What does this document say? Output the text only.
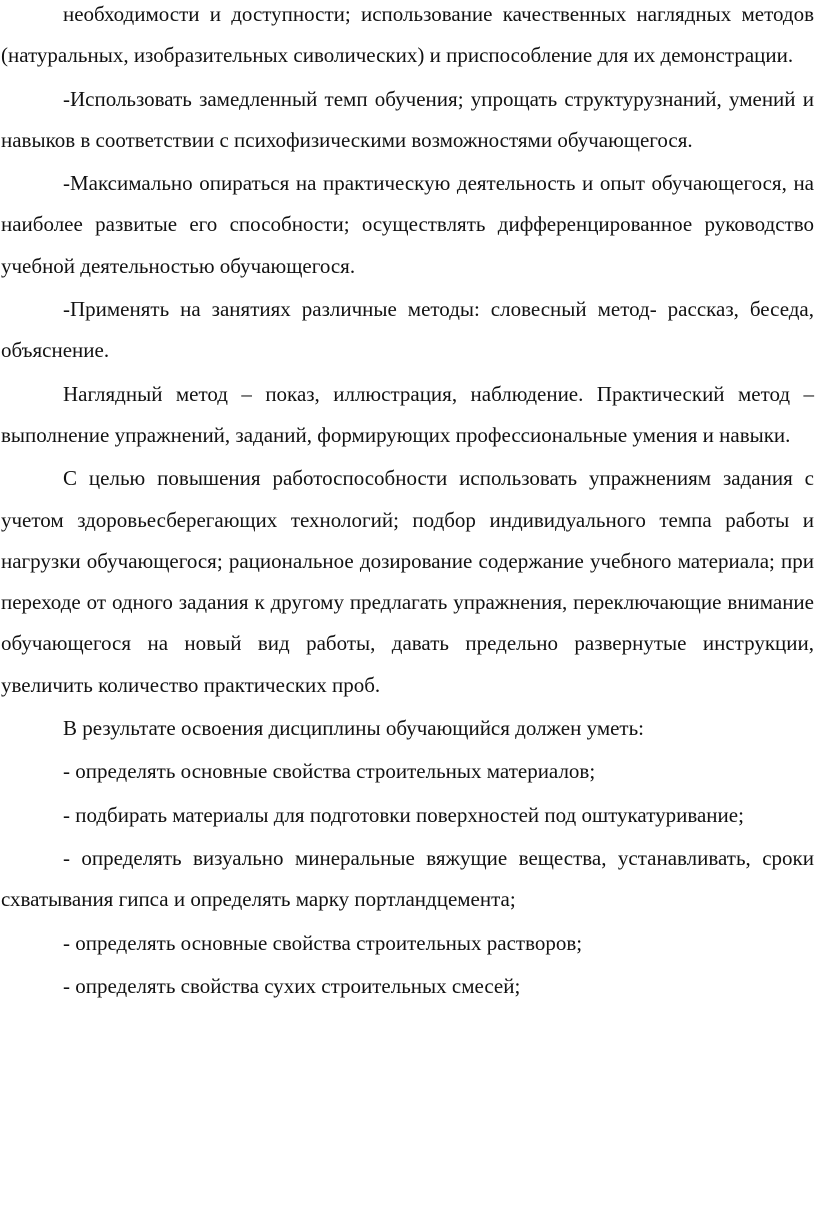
необходимости и доступности; использование качественных наглядных методов (натуральных, изобразительных сиволических) и приспособление для их демонстрации.

-Использовать замедленный темп обучения; упрощать структурузнаний, умений и навыков в соответствии с психофизическими возможностями обучающегося.

-Максимально опираться на практическую деятельность и опыт обучающегося, на наиболее развитые его способности; осуществлять дифференцированное руководство учебной деятельностью обучающегося.

-Применять на занятиях различные методы: словесный метод- рассказ, беседа, объяснение.

Наглядный метод – показ, иллюстрация, наблюдение. Практический метод – выполнение упражнений, заданий, формирующих профессиональные умения и навыки.

С целью повышения работоспособности использовать упражнениям задания с учетом здоровьесберегающих технологий; подбор индивидуального темпа работы и нагрузки обучающегося; рациональное дозирование содержание учебного материала; при переходе от одного задания к другому предлагать упражнения, переключающие внимание обучающегося на новый вид работы, давать предельно развернутые инструкции, увеличить количество практических проб.

В результате освоения дисциплины обучающийся должен уметь:

- определять основные свойства строительных материалов;

- подбирать материалы для подготовки поверхностей под оштукатуривание;

- определять визуально минеральные вяжущие вещества, устанавливать, сроки схватывания гипса и определять марку портландцемента;

- определять основные свойства строительных растворов;

- определять свойства сухих строительных смесей;
